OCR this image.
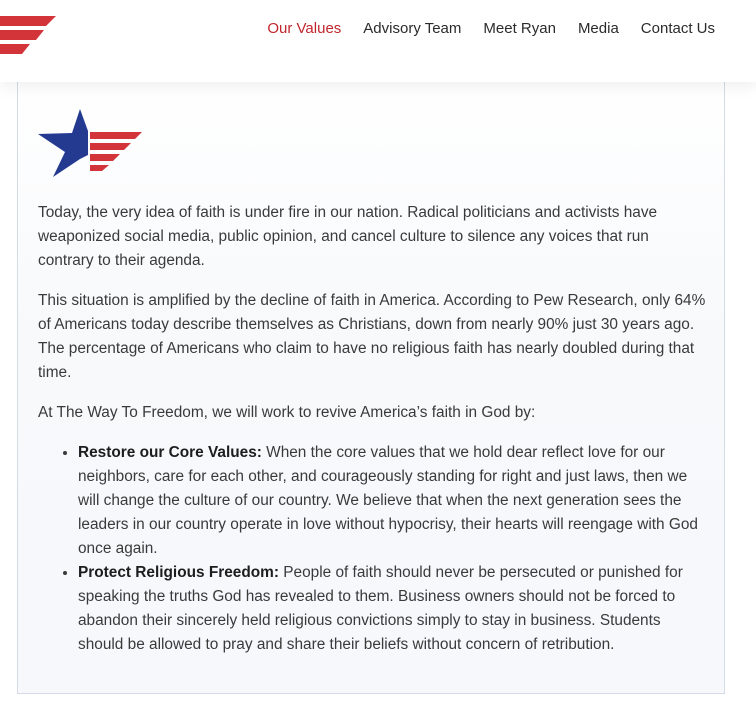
Our Values Advisory Team Meet Ryan Media Contact Us

Today, the very idea of faith is under fire in our nation. Radical politicians and activists have weaponized social media, public opinion, and cancel culture to silence any voices that run contrary to their agenda.

This situation is amplified by the decline of faith in America. According to Pew Research, only 64% of Americans today describe themselves as Christians, down from nearly 90% just 30 years ago. The percentage of Americans who claim to have no religious faith has nearly doubled during that time.

At The Way To Freedom, we will work to revive America’s faith in God by:

• Restore our Core Values: When the core values that we hold dear reflect love for our neighbors, care for each other, and courageously standing for right and just laws, then we will change the culture of our country. We believe that when the next generation sees the leaders in our country operate in love without hypocrisy, their hearts will reengage with God once again.
• Protect Religious Freedom: People of faith should never be persecuted or punished for speaking the truths God has revealed to them. Business owners should not be forced to abandon their sincerely held religious convictions simply to stay in business. Students should be allowed to pray and share their beliefs without concern of retribution.
